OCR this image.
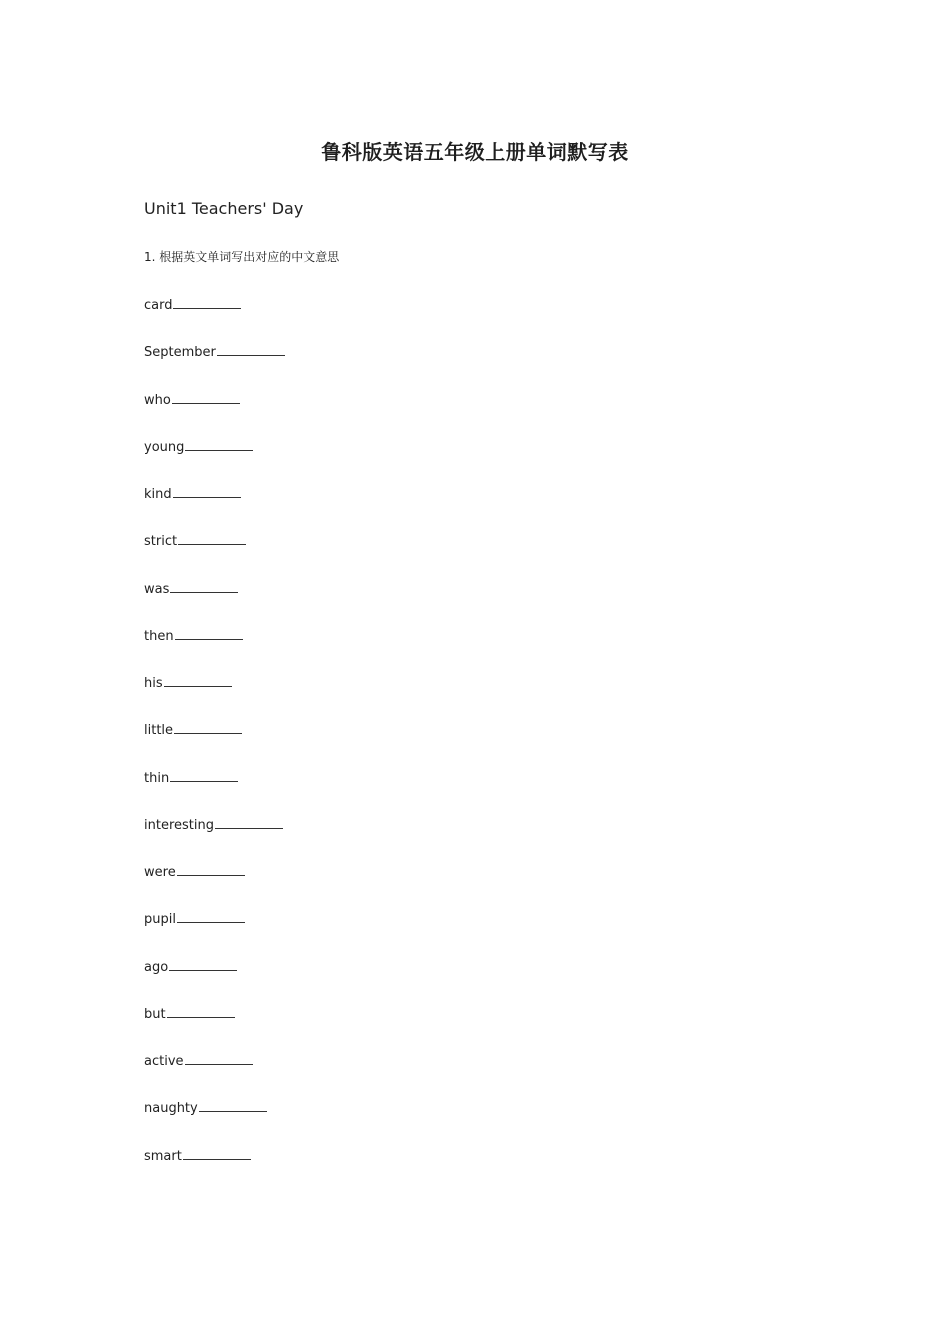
鲁科版英语五年级上册单词默写表

Unit1 Teachers' Day

1. 根据英文单词写出对应的中文意思

card
September
who
young
kind
strict
was
then
his
little
thin
interesting
were
pupil
ago
but
active
naughty
smart
